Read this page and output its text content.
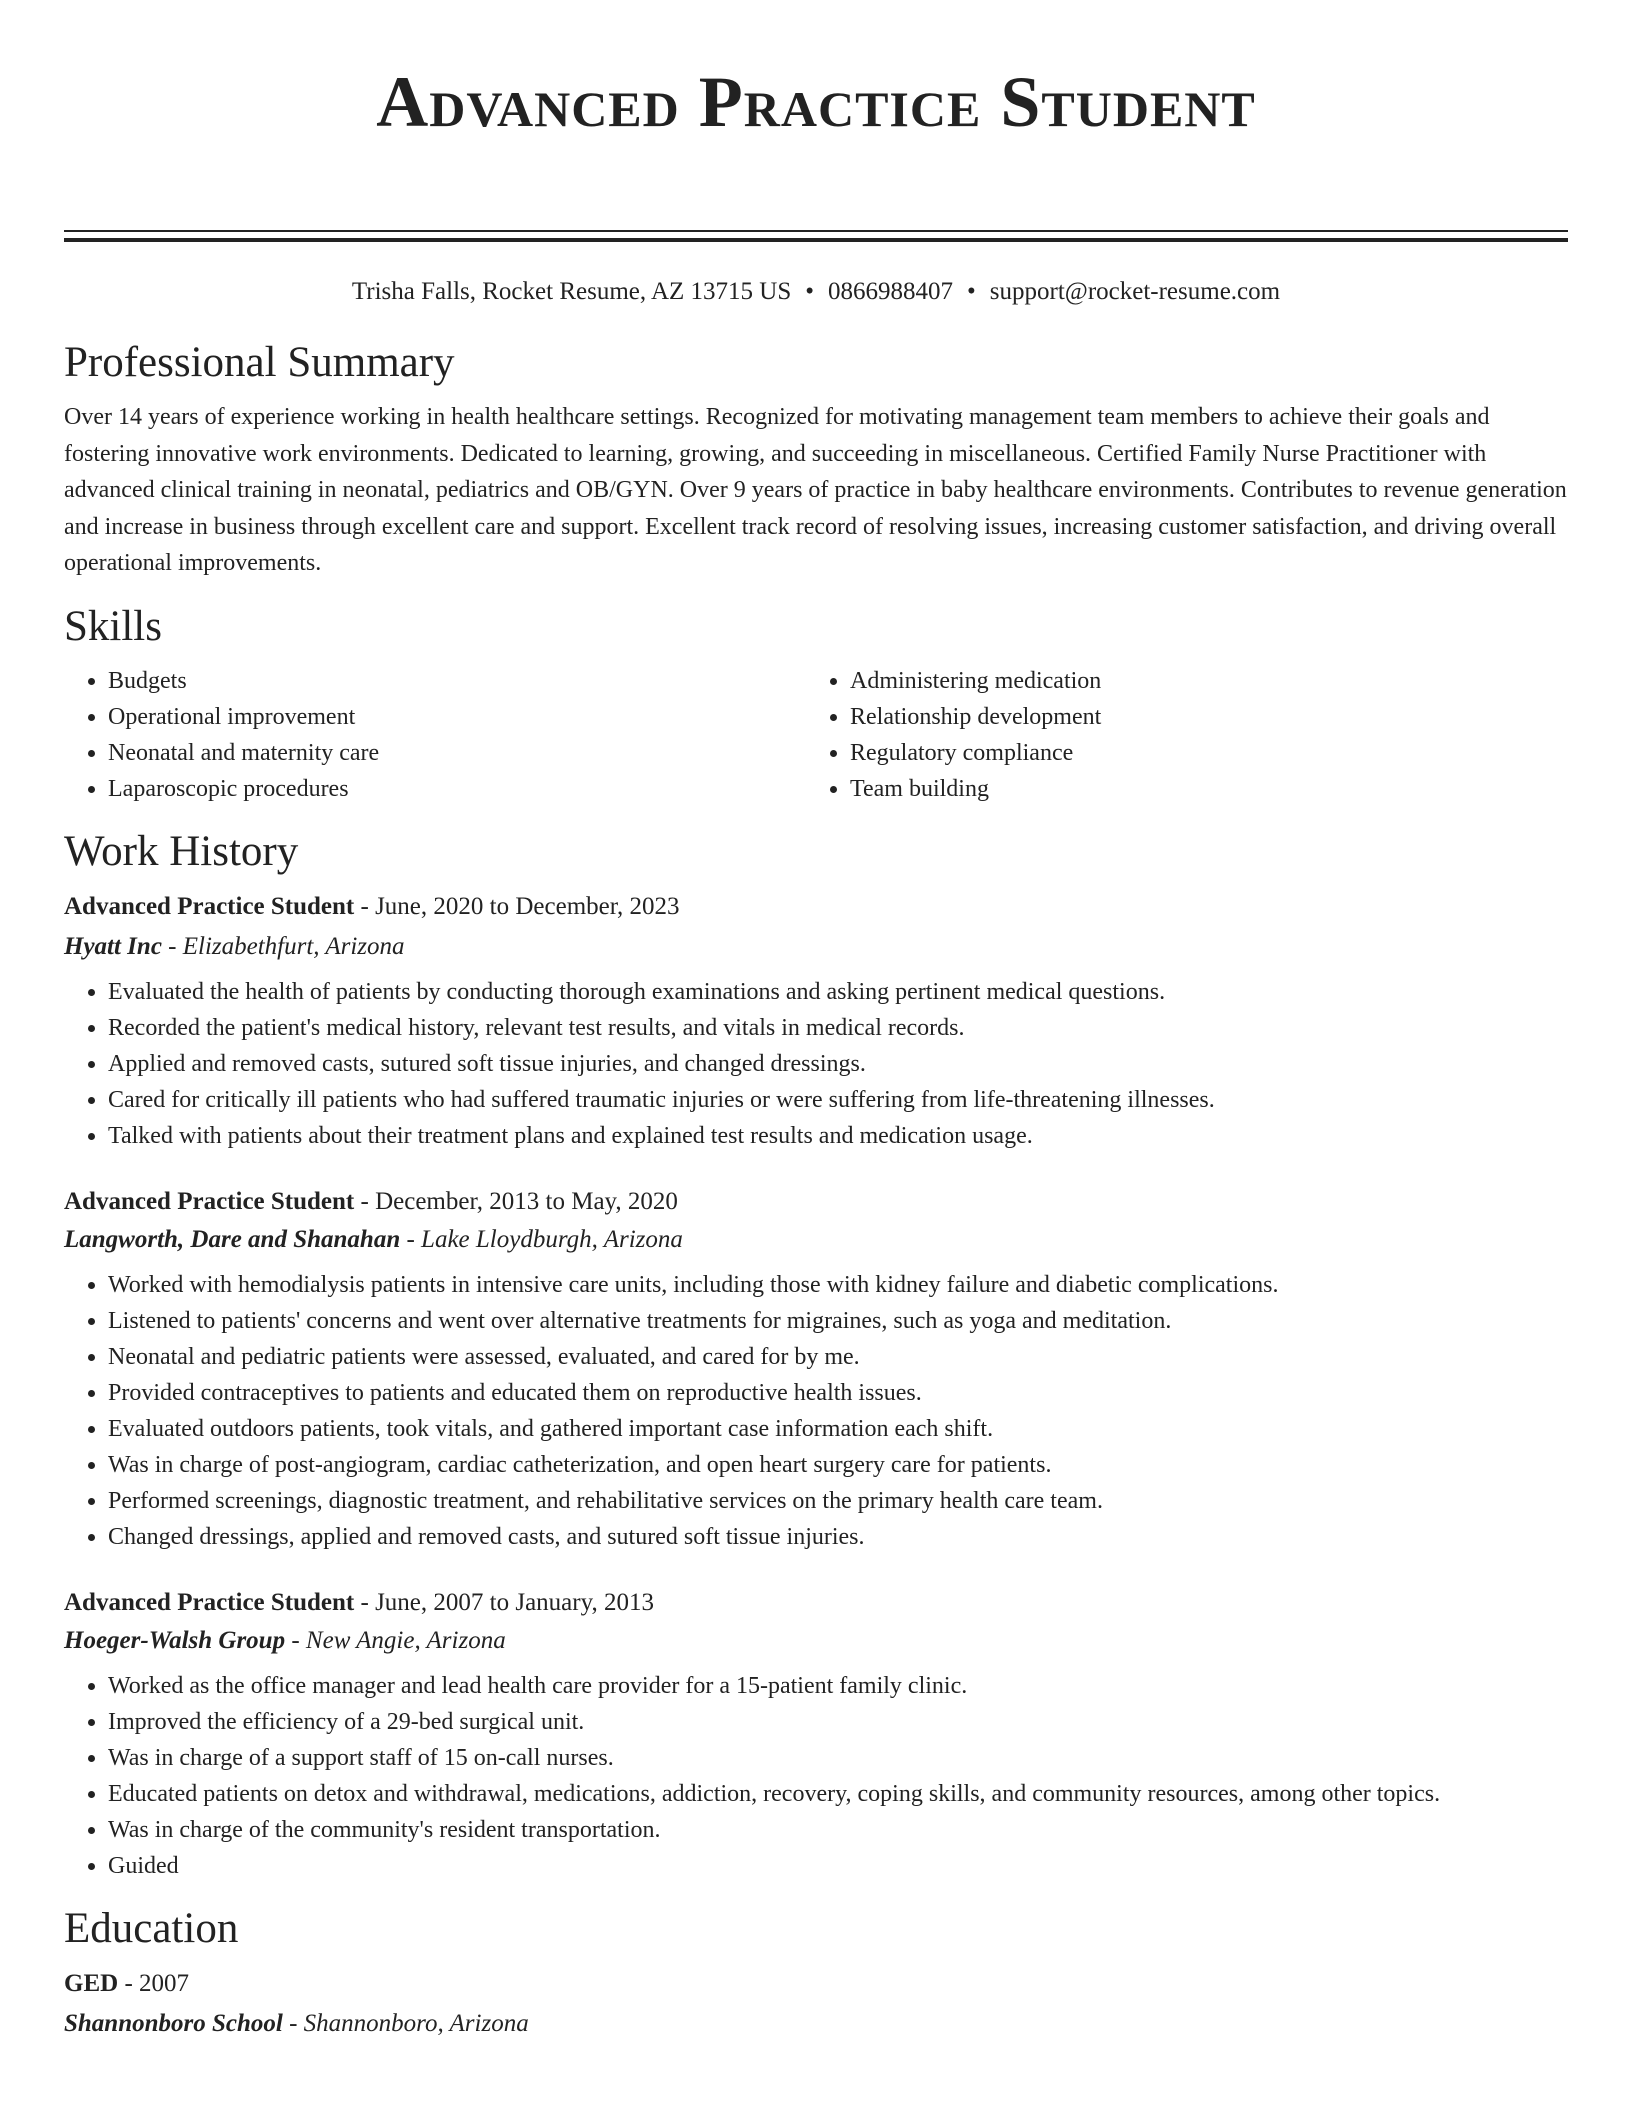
Advanced Practice Student
Trisha Falls, Rocket Resume, AZ 13715 US • 0866988407 • support@rocket-resume.com
Professional Summary

Over 14 years of experience working in health healthcare settings. Recognized for motivating management team members to achieve their goals and fostering innovative work environments. Dedicated to learning, growing, and succeeding in miscellaneous. Certified Family Nurse Practitioner with advanced clinical training in neonatal, pediatrics and OB/GYN. Over 9 years of practice in baby healthcare environments. Contributes to revenue generation and increase in business through excellent care and support. Excellent track record of resolving issues, increasing customer satisfaction, and driving overall operational improvements.

Skills
• Budgets
• Operational improvement
• Neonatal and maternity care
• Laparoscopic procedures
• Administering medication
• Relationship development
• Regulatory compliance
• Team building
Work History

Advanced Practice Student - June, 2020 to December, 2023

Hyatt Inc - Elizabethfurt, Arizona

• Evaluated the health of patients by conducting thorough examinations and asking pertinent medical questions.
• Recorded the patient's medical history, relevant test results, and vitals in medical records.
• Applied and removed casts, sutured soft tissue injuries, and changed dressings.
• Cared for critically ill patients who had suffered traumatic injuries or were suffering from life-threatening illnesses.
• Talked with patients about their treatment plans and explained test results and medication usage.

Advanced Practice Student - December, 2013 to May, 2020

Langworth, Dare and Shanahan - Lake Lloydburgh, Arizona

• Worked with hemodialysis patients in intensive care units, including those with kidney failure and diabetic complications.
• Listened to patients' concerns and went over alternative treatments for migraines, such as yoga and meditation.
• Neonatal and pediatric patients were assessed, evaluated, and cared for by me.
• Provided contraceptives to patients and educated them on reproductive health issues.
• Evaluated outdoors patients, took vitals, and gathered important case information each shift.
• Was in charge of post-angiogram, cardiac catheterization, and open heart surgery care for patients.
• Performed screenings, diagnostic treatment, and rehabilitative services on the primary health care team.
• Changed dressings, applied and removed casts, and sutured soft tissue injuries.

Advanced Practice Student - June, 2007 to January, 2013

Hoeger-Walsh Group - New Angie, Arizona

• Worked as the office manager and lead health care provider for a 15-patient family clinic.
• Improved the efficiency of a 29-bed surgical unit.
• Was in charge of a support staff of 15 on-call nurses.
• Educated patients on detox and withdrawal, medications, addiction, recovery, coping skills, and community resources, among other topics.
• Was in charge of the community's resident transportation.
• Guided
Education

GED - 2007

Shannonboro School - Shannonboro, Arizona
